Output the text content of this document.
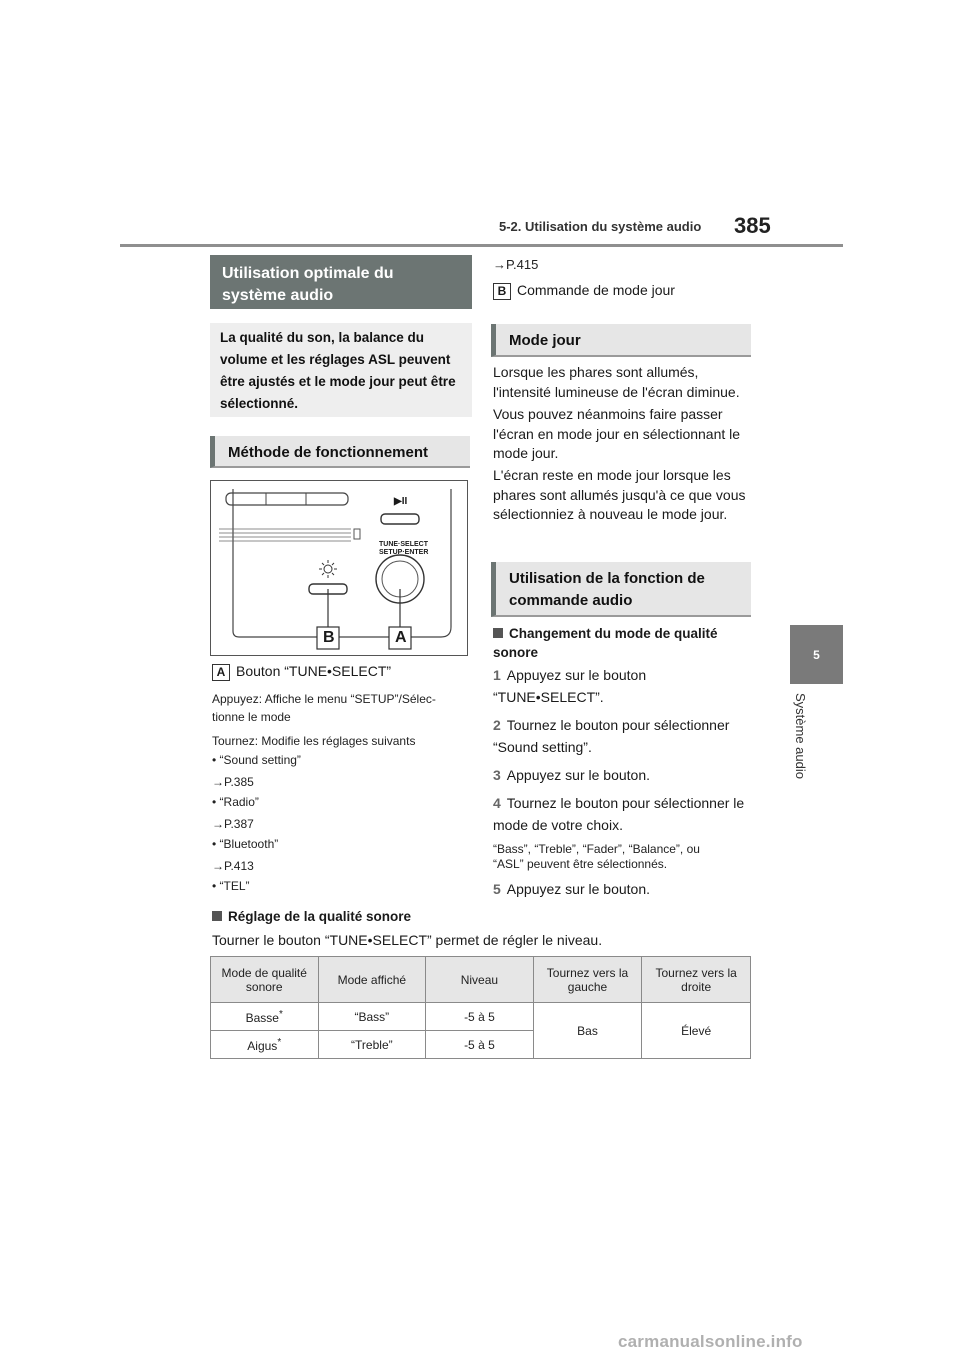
5-2. Utilisation du système audio 385
5
Système audio
Utilisation optimale du système audio
La qualité du son, la balance du volume et les réglages ASL peuvent être ajustés et le mode jour peut être sélectionné.
Méthode de fonctionnement
▶II
TUNE·SELECT
SETUP·ENTER
B	A
A Bouton “TUNE•SELECT”
Appuyez: Affiche le menu “SETUP”/Sélec-
tionne le mode
Tournez: Modifie les réglages suivants
• “Sound setting”
→P.385
• “Radio”
→P.387
• “Bluetooth”
→P.413
• “TEL”
→P.415
B Commande de mode jour
Mode jour
Lorsque les phares sont allumés, l'intensité lumineuse de l'écran diminue.
Vous pouvez néanmoins faire passer l'écran en mode jour en sélectionnant le mode jour.
L'écran reste en mode jour lorsque les phares sont allumés jusqu'à ce que vous sélectionniez à nouveau le mode jour.
Utilisation de la fonction de commande audio
Changement du mode de qualité sonore
1 Appuyez sur le bouton “TUNE•SELECT”.
2 Tournez le bouton pour sélectionner “Sound setting”.
3 Appuyez sur le bouton.
4 Tournez le bouton pour sélectionner le mode de votre choix.
“Bass”, “Treble”, “Fader”, “Balance”, ou “ASL” peuvent être sélectionnés.
5 Appuyez sur le bouton.
Réglage de la qualité sonore
Tourner le bouton “TUNE•SELECT” permet de régler le niveau.
Mode de qualité sonore	Mode affiché	Niveau	Tournez vers la gauche	Tournez vers la droite
Basse*	“Bass”	-5 à 5	Bas	Élevé
Aigus*	“Treble”	-5 à 5		
carmanualsonline.info
